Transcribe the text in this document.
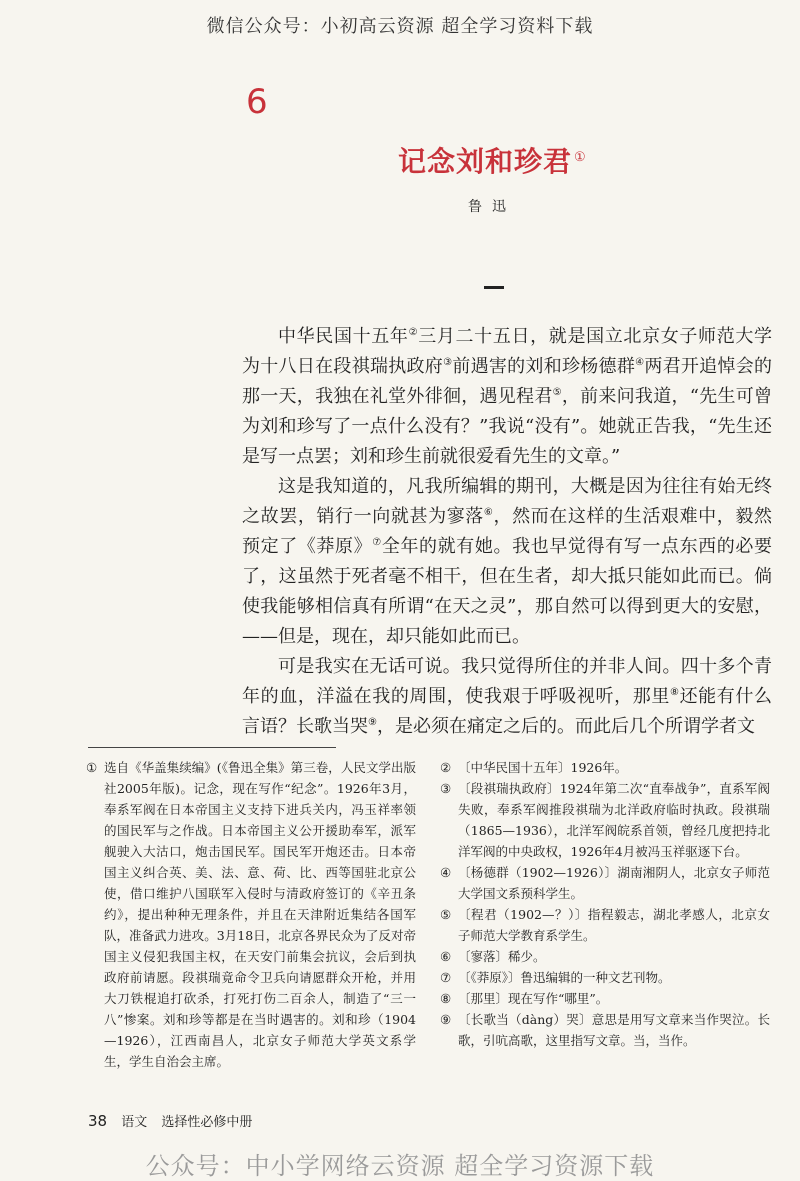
微信公众号：小初高云资源 超全学习资料下载
6
记念刘和珍君 ①
鲁迅

中华民国十五年②三月二十五日，就是国立北京女子师范大学为十八日在段祺瑞执政府③前遇害的刘和珍杨德群④两君开追悼会的那一天，我独在礼堂外徘徊，遇见程君⑤，前来问我道，“先生可曾为刘和珍写了一点什么没有？”我说“没有”。她就正告我，“先生还是写一点罢；刘和珍生前就很爱看先生的文章。”

这是我知道的，凡我所编辑的期刊，大概是因为往往有始无终之故罢，销行一向就甚为寥落⑥，然而在这样的生活艰难中，毅然预定了《莽原》⑦全年的就有她。我也早觉得有写一点东西的必要了，这虽然于死者毫不相干，但在生者，却大抵只能如此而已。倘使我能够相信真有所谓“在天之灵”，那自然可以得到更大的安慰，——但是，现在，却只能如此而已。

可是我实在无话可说。我只觉得所住的并非人间。四十多个青年的血，洋溢在我的周围，使我艰于呼吸视听，那里⑧还能有什么言语？长歌当哭⑨，是必须在痛定之后的。而此后几个所谓学者文

① 选自《华盖集续编》(《鲁迅全集》第三卷，人民文学出版社2005年版)。记念，现在写作“纪念”。1926年3月，奉系军阀在日本帝国主义支持下进兵关内，冯玉祥率领的国民军与之作战。日本帝国主义公开援助奉军，派军舰驶入大沽口，炮击国民军。国民军开炮还击。日本帝国主义纠合英、美、法、意、荷、比、西等国驻北京公使，借口维护八国联军入侵时与清政府签订的《辛丑条约》，提出种种无理条件，并且在天津附近集结各国军队，准备武力进攻。3月18日，北京各界民众为了反对帝国主义侵犯我国主权，在天安门前集会抗议，会后到执政府前请愿。段祺瑞竟命令卫兵向请愿群众开枪，并用大刀铁棍追打砍杀，打死打伤二百余人，制造了“三一八”惨案。刘和珍等都是在当时遇害的。刘和珍（1904—1926），江西南昌人，北京女子师范大学英文系学生，学生自治会主席。
② 〔中华民国十五年〕1926年。
③ 〔段祺瑞执政府〕1924年第二次“直奉战争”，直系军阀失败，奉系军阀推段祺瑞为北洋政府临时执政。段祺瑞（1865—1936），北洋军阀皖系首领，曾经几度把持北洋军阀的中央政权，1926年4月被冯玉祥驱逐下台。
④ 〔杨德群（1902—1926）〕湖南湘阴人，北京女子师范大学国文系预科学生。
⑤ 〔程君（1902—？）〕指程毅志，湖北孝感人，北京女子师范大学教育系学生。
⑥ 〔寥落〕稀少。
⑦ 〔《莽原》〕鲁迅编辑的一种文艺刊物。
⑧ 〔那里〕现在写作“哪里”。
⑨ 〔长歌当（dàng）哭〕意思是用写文章来当作哭泣。长歌，引吭高歌，这里指写文章。当，当作。
38 语文 选择性必修中册
公众号：中小学网络云资源 超全学习资源下载
